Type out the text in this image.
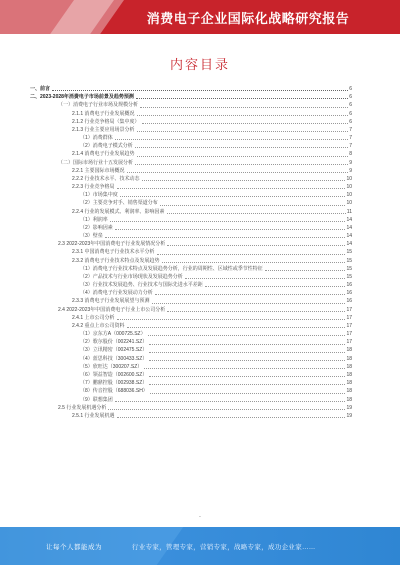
消费电子企业国际化战略研究报告
内容目录
一、前言	6
二、2023-2028年消费电子市场前景及趋势预测	6
（一）消费电子行业市场及规模分析	6
2.1.1 消费电子行业发展概况	6
2.1.2 行业竞争格局（集中度）	6
2.1.3 行业主要应用场景分析	7
（1）消费群体	7
（2）消费电子模式分析	7
2.1.4 消费电子行业发展趋势	8
（二）国际市场行业十五发展分析	9
2.2.1 主要国际市场概况	9
2.2.2 行业技术水平、技术动态	10
2.2.3 行业竞争格局	10
（1）市场集中度	10
（2）主要竞争对手、销售渠道分布	10
2.2.4 行业的发展模式、利润率、影响因素	11
（1）利润率	14
（2）影响因素	14
（3）壁垒	14
2.3 2022-2023年中国消费电子行业发展情况分析	14
2.3.1 中国消费电子行业技术水平分析	15
2.3.2 消费电子行业技术特点及发展趋势	15
（1）消费电子行业技术特点及发展趋势分析，行业的周期性、区域性或季节性特征	15
（2）产品技术与行业市场现状及发展趋势分析	15
（3）行业技术发展趋势、行业技术与国际先进水平差距	16
（4）消费电子行业发展动力分析	16
2.3.3 消费电子行业发展展望与预测	16
2.4 2022-2023年中国消费电子行业上市公司分析	17
2.4.1 上市公司分析	17
2.4.2 重点上市公司资料	17
（1）京东方A（000725.SZ）	17
（2）歌尔股份（002241.SZ）	17
（3）立讯精密（002475.SZ）	18
（4）蓝思科技（300433.SZ）	18
（5）欣旺达（300207.SZ）	18
（6）领益智造（002600.SZ）	18
（7）鹏鼎控股（002938.SZ）	18
（8）传音控股（688036.SH）	18
（9）联想集团	18
2.5 行业发展机遇分析	19
2.5.1 行业发展机遇	19
-
让每个人都能成为	行业专家，管理专家，营销专家，战略专家，成功企业家……
